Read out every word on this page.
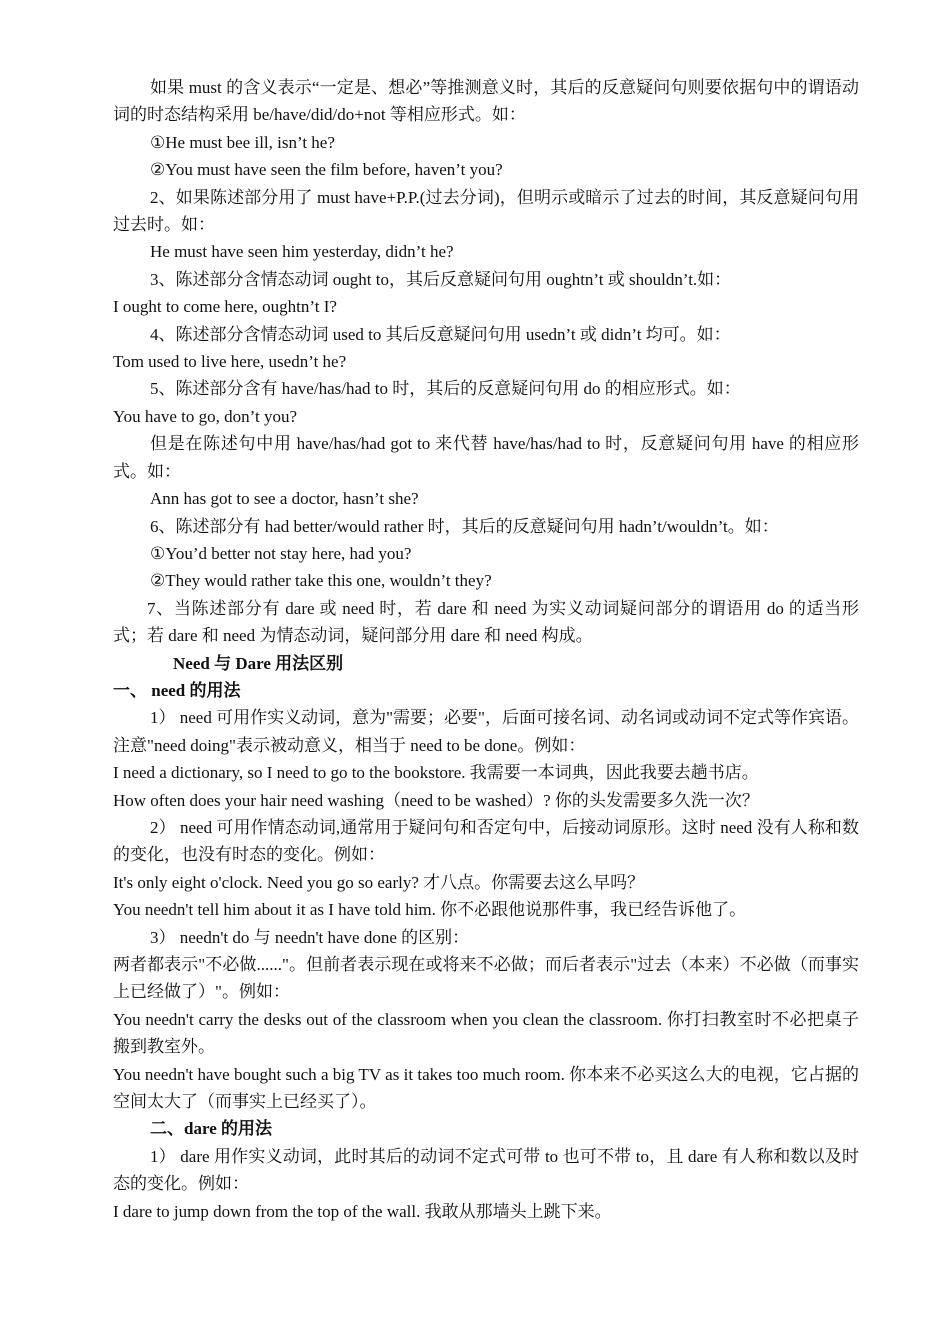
如果 must 的含义表示“一定是、想必”等推测意义时，其后的反意疑问句则要依据句中的谓语动词的时态结构采用 be/have/did/do+not 等相应形式。如：

①He must bee ill, isn’t he?

②You must have seen the film before, haven’t you?

2、如果陈述部分用了 must have+P.P.(过去分词)，但明示或暗示了过去的时间，其反意疑问句用过去时。如：

He must have seen him yesterday, didn’t he?

3、陈述部分含情态动词 ought to，其后反意疑问句用 oughtn’t 或 shouldn’t.如：

I ought to come here, oughtn’t I?

4、陈述部分含情态动词 used to 其后反意疑问句用 usedn’t 或 didn’t 均可。如：

Tom used to live here, usedn’t he?

5、陈述部分含有 have/has/had to 时，其后的反意疑问句用 do 的相应形式。如：

You have to go, don’t you?

但是在陈述句中用 have/has/had got to 来代替 have/has/had to 时，反意疑问句用 have 的相应形式。如：

Ann has got to see a doctor, hasn’t she?

6、陈述部分有 had better/would rather 时，其后的反意疑问句用 hadn’t/wouldn’t。如：

①You’d better not stay here, had you?

②They would rather take this one, wouldn’t they?

7、当陈述部分有 dare 或 need 时，若 dare 和 need 为实义动词疑问部分的谓语用 do 的适当形式；若 dare 和 need 为情态动词，疑问部分用 dare 和 need 构成。

Need 与 Dare 用法区别

一、 need 的用法

1） need 可用作实义动词，意为"需要；必要"，后面可接名词、动名词或动词不定式等作宾语。注意"need doing"表示被动意义，相当于 need to be done。例如：

I need a dictionary, so I need to go to the bookstore. 我需要一本词典，因此我要去趟书店。

How often does your hair need washing（need to be washed）? 你的头发需要多久洗一次？

2） need 可用作情态动词,通常用于疑问句和否定句中，后接动词原形。这时 need 没有人称和数的变化，也没有时态的变化。例如：

It's only eight o'clock. Need you go so early? 才八点。你需要去这么早吗？

You needn't tell him about it as I have told him. 你不必跟他说那件事，我已经告诉他了。

3） needn't do 与 needn't have done 的区别：

两者都表示"不必做......"。但前者表示现在或将来不必做；而后者表示"过去（本来）不必做（而事实上已经做了）"。例如：

You needn't carry the desks out of the classroom when you clean the classroom. 你打扫教室时不必把桌子搬到教室外。

You needn't have bought such a big TV as it takes too much room. 你本来不必买这么大的电视，它占据的空间太大了（而事实上已经买了）。

二、dare 的用法

1） dare 用作实义动词，此时其后的动词不定式可带 to 也可不带 to，且 dare 有人称和数以及时态的变化。例如：

I dare to jump down from the top of the wall. 我敢从那墙头上跳下来。
